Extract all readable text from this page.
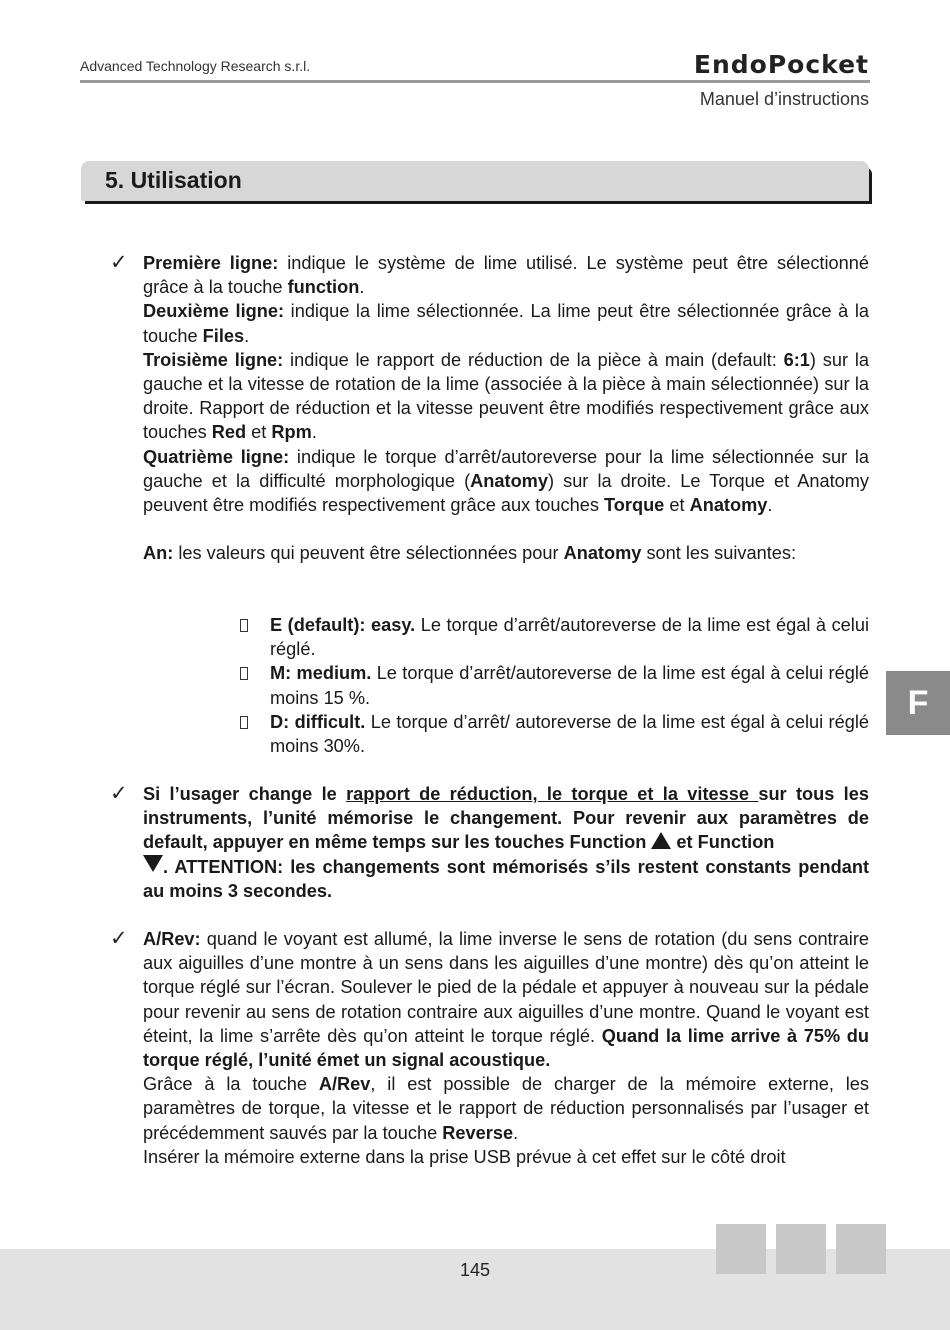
Advanced Technology Research s.r.l.	EndoPocket
Manuel d’instructions
5. Utilisation
✓ Première ligne: indique le système de lime utilisé. Le système peut être sélectionné grâce à la touche function.
Deuxième ligne: indique la lime sélectionnée. La lime peut être sélectionnée grâce à la touche Files.
Troisième ligne: indique le rapport de réduction de la pièce à main (default: 6:1) sur la gauche et la vitesse de rotation de la lime (associée à la pièce à main sélectionnée) sur la droite. Rapport de réduction et la vitesse peuvent être modifiés respectivement grâce aux touches Red et Rpm.
Quatrième ligne: indique le torque d’arrêt/autoreverse pour la lime sélectionnée sur la gauche et la difficulté morphologique (Anatomy) sur la droite. Le Torque et Anatomy peuvent être modifiés respectivement grâce aux touches Torque et Anatomy.
An: les valeurs qui peuvent être sélectionnées pour Anatomy sont les suivantes:
E (default): easy. Le torque d’arrêt/autoreverse de la lime est égal à celui réglé.
M: medium. Le torque d’arrêt/autoreverse de la lime est égal à celui réglé moins 15 %.
D: difficult. Le torque d’arrêt/ autoreverse de la lime est égal à celui réglé moins 30%.
✓ Si l’usager change le rapport de réduction, le torque et la vitesse sur tous les instruments, l’unité mémorise le changement. Pour revenir aux paramètres de default, appuyer en même temps sur les touches Function  et Function
. ATTENTION: les changements sont mémorisés s’ils restent constants pendant au moins 3 secondes.
✓ A/Rev: quand le voyant est allumé, la lime inverse le sens de rotation (du sens contraire aux aiguilles d’une montre à un sens dans les aiguilles d’une montre) dès qu’on atteint le torque réglé sur l’écran. Soulever le pied de la pédale et appuyer à nouveau sur la pédale pour revenir au sens de rotation contraire aux aiguilles d’une montre. Quand le voyant est éteint, la lime s’arrête dès qu’on atteint le torque réglé. Quand la lime arrive à 75% du torque réglé, l’unité émet un signal acoustique.
Grâce à la touche A/Rev, il est possible de charger de la mémoire externe, les paramètres de torque, la vitesse et le rapport de réduction personnalisés par l’usager et précédemment sauvés par la touche Reverse.
Insérer la mémoire externe dans la prise USB prévue à cet effet sur le côté droit
F
145
